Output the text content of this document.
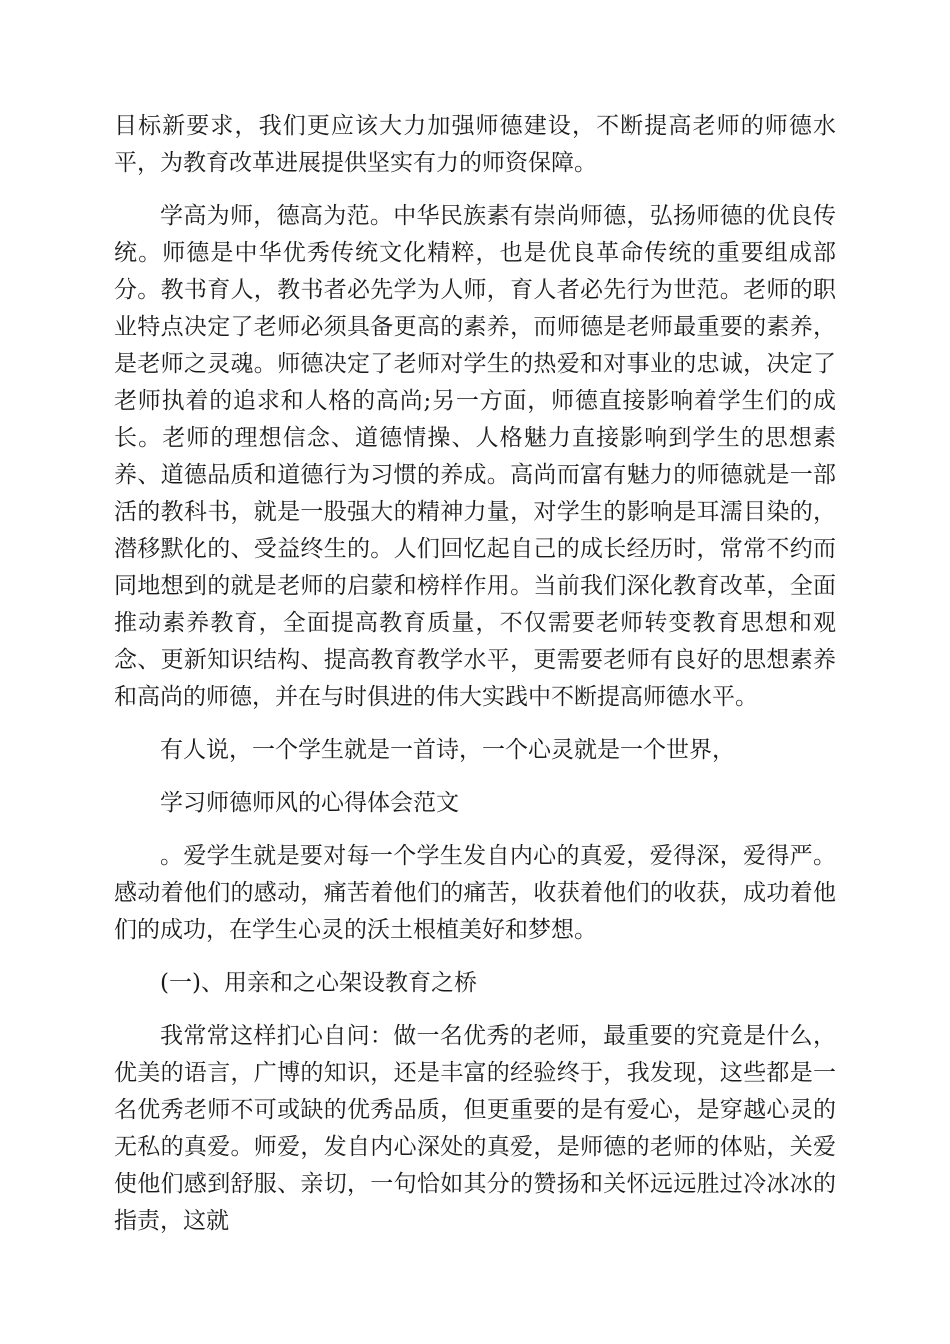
目标新要求，我们更应该大力加强师德建设，不断提高老师的师德水平，为教育改革进展提供坚实有力的师资保障。

学高为师，德高为范。中华民族素有崇尚师德，弘扬师德的优良传统。师德是中华优秀传统文化精粹，也是优良革命传统的重要组成部分。教书育人，教书者必先学为人师，育人者必先行为世范。老师的职业特点决定了老师必须具备更高的素养，而师德是老师最重要的素养，是老师之灵魂。师德决定了老师对学生的热爱和对事业的忠诚，决定了老师执着的追求和人格的高尚;另一方面，师德直接影响着学生们的成长。老师的理想信念、道德情操、人格魅力直接影响到学生的思想素养、道德品质和道德行为习惯的养成。高尚而富有魅力的师德就是一部活的教科书，就是一股强大的精神力量，对学生的影响是耳濡目染的，潜移默化的、受益终生的。人们回忆起自己的成长经历时，常常不约而同地想到的就是老师的启蒙和榜样作用。当前我们深化教育改革，全面推动素养教育，全面提高教育质量，不仅需要老师转变教育思想和观念、更新知识结构、提高教育教学水平，更需要老师有良好的思想素养和高尚的师德，并在与时俱进的伟大实践中不断提高师德水平。

有人说，一个学生就是一首诗，一个心灵就是一个世界，

学习师德师风的心得体会范文

。爱学生就是要对每一个学生发自内心的真爱，爱得深，爱得严。感动着他们的感动，痛苦着他们的痛苦，收获着他们的收获，成功着他们的成功，在学生心灵的沃土根植美好和梦想。

(一)、用亲和之心架设教育之桥

我常常这样扪心自问：做一名优秀的老师，最重要的究竟是什么，优美的语言，广博的知识，还是丰富的经验终于，我发现，这些都是一名优秀老师不可或缺的优秀品质，但更重要的是有爱心，是穿越心灵的无私的真爱。师爱，发自内心深处的真爱，是师德的老师的体贴，关爱使他们感到舒服、亲切，一句恰如其分的赞扬和关怀远远胜过冷冰冰的指责，这就
